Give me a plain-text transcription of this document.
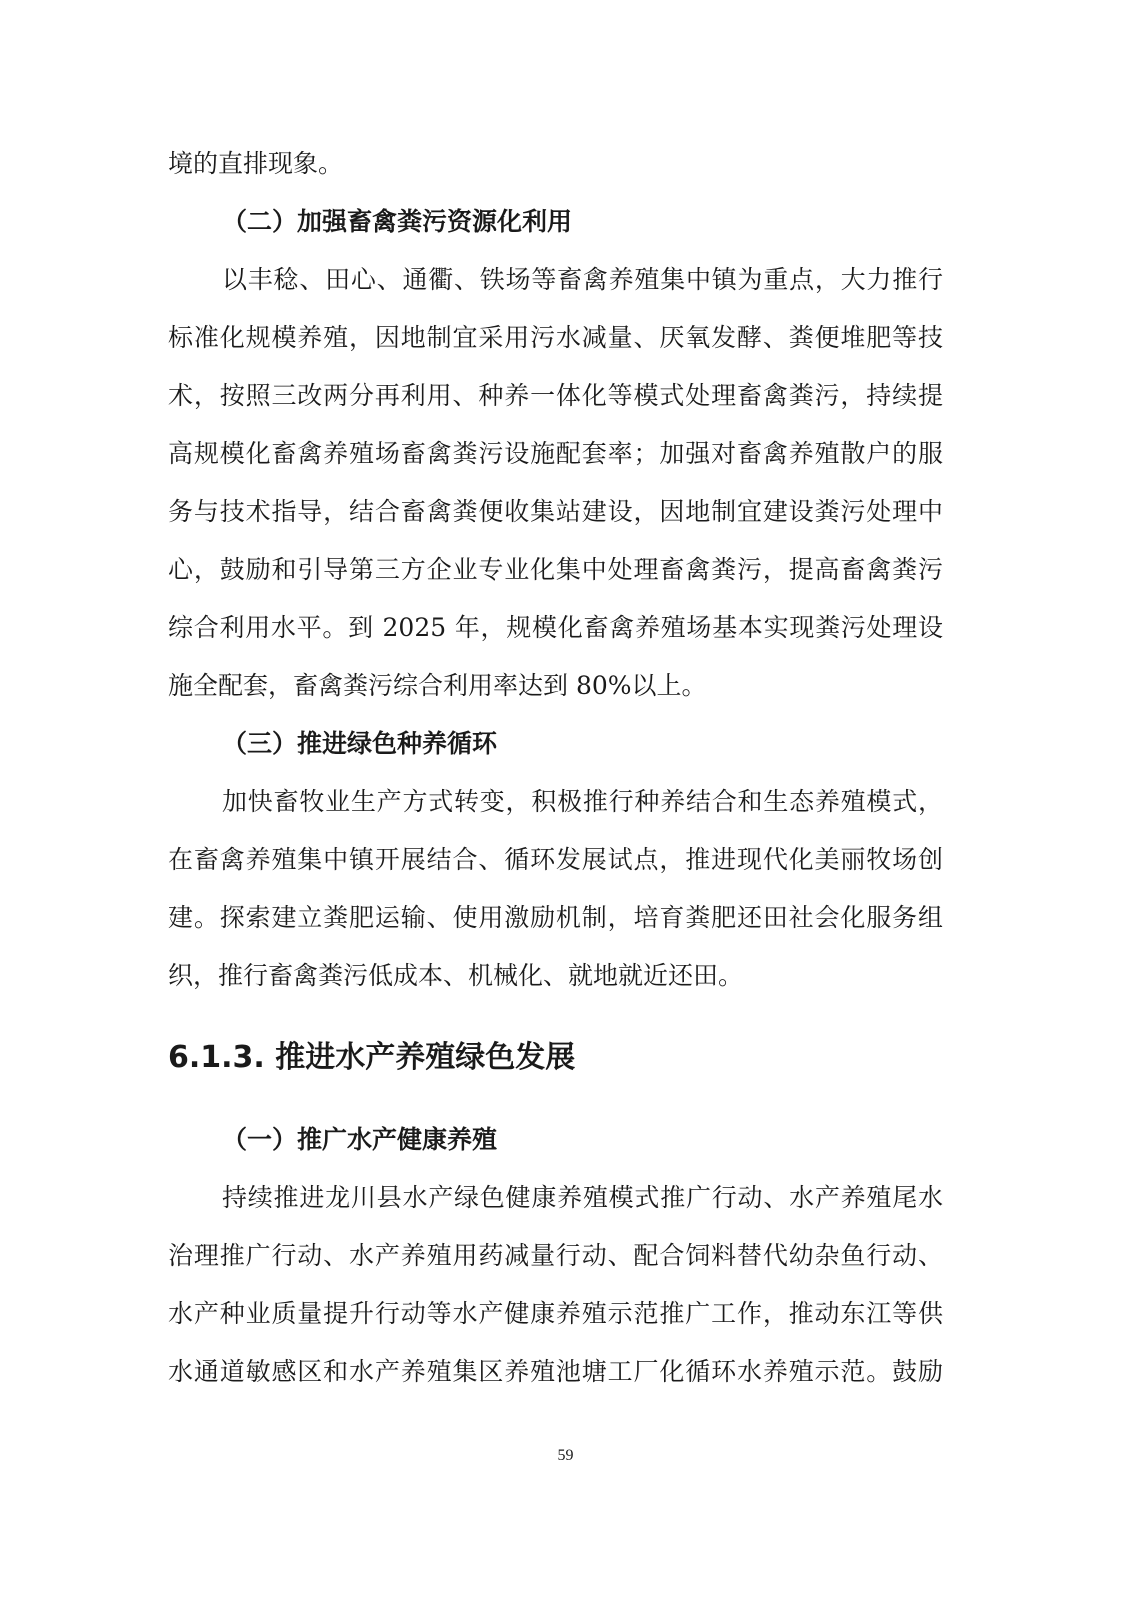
境的直排现象。
（二）加强畜禽粪污资源化利用
以丰稔、田心、通衢、铁场等畜禽养殖集中镇为重点，大力推行
标准化规模养殖，因地制宜采用污水减量、厌氧发酵、粪便堆肥等技
术，按照三改两分再利用、种养一体化等模式处理畜禽粪污，持续提
高规模化畜禽养殖场畜禽粪污设施配套率；加强对畜禽养殖散户的服
务与技术指导，结合畜禽粪便收集站建设，因地制宜建设粪污处理中
心，鼓励和引导第三方企业专业化集中处理畜禽粪污，提高畜禽粪污
综合利用水平。到 2025 年，规模化畜禽养殖场基本实现粪污处理设
施全配套，畜禽粪污综合利用率达到 80%以上。
（三）推进绿色种养循环
加快畜牧业生产方式转变，积极推行种养结合和生态养殖模式，
在畜禽养殖集中镇开展结合、循环发展试点，推进现代化美丽牧场创
建。探索建立粪肥运输、使用激励机制，培育粪肥还田社会化服务组
织，推行畜禽粪污低成本、机械化、就地就近还田。
6.1.3. 推进水产养殖绿色发展
（一）推广水产健康养殖
持续推进龙川县水产绿色健康养殖模式推广行动、水产养殖尾水
治理推广行动、水产养殖用药减量行动、配合饲料替代幼杂鱼行动、
水产种业质量提升行动等水产健康养殖示范推广工作，推动东江等供
水通道敏感区和水产养殖集区养殖池塘工厂化循环水养殖示范。鼓励
59
